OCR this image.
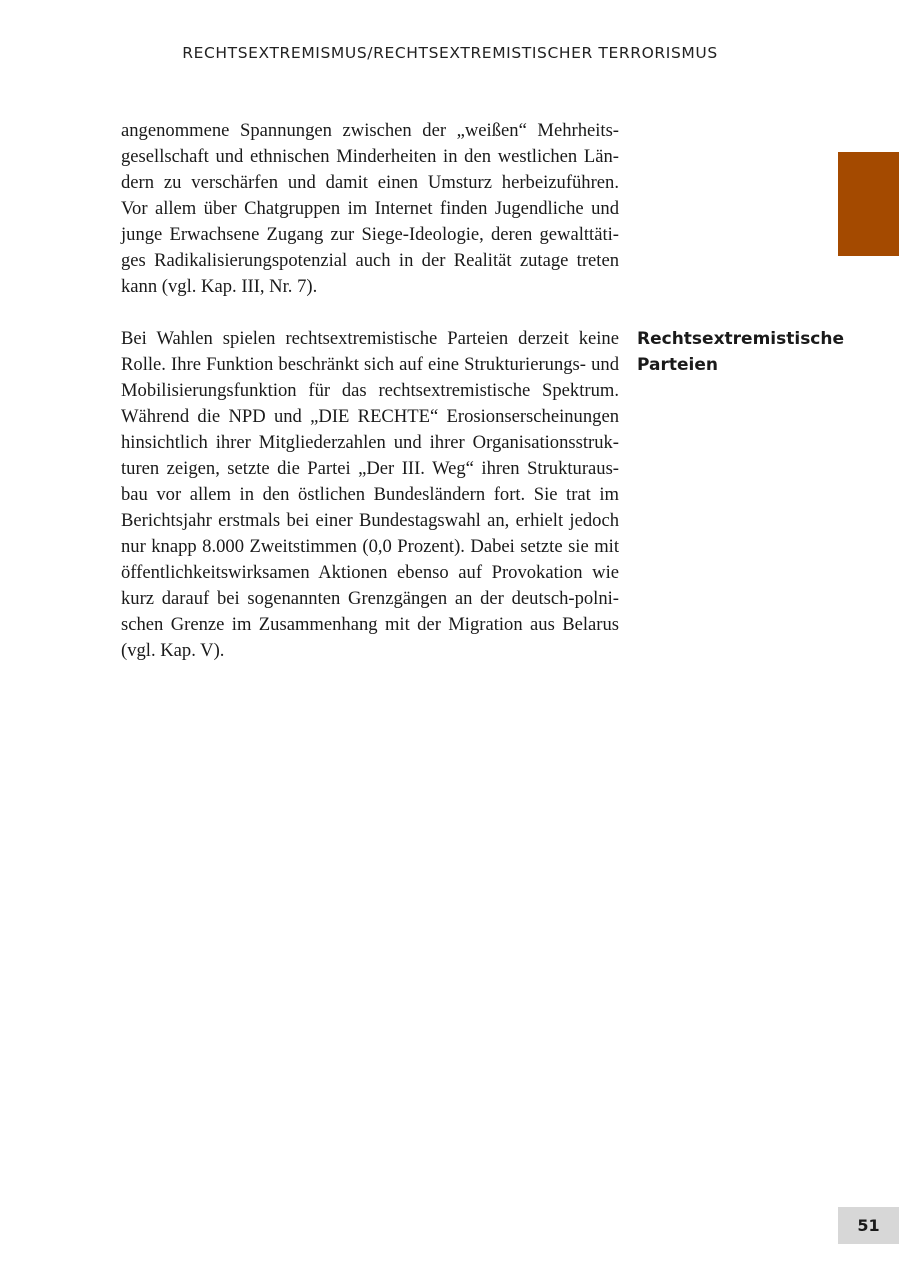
RECHTSEXTREMISMUS/RECHTSEXTREMISTISCHER TERRORISMUS

angenommene Spannungen zwischen der „weißen“ Mehrheits-
gesellschaft und ethnischen Minderheiten in den westlichen Län-
dern zu verschärfen und damit einen Umsturz herbeizuführen.
Vor allem über Chatgruppen im Internet finden Jugendliche und
junge Erwachsene Zugang zur Siege-Ideologie, deren gewalttäti-
ges Radikalisierungspotenzial auch in der Realität zutage treten
kann (vgl. Kap. III, Nr. 7).

Bei Wahlen spielen rechtsextremistische Parteien derzeit keine
Rolle. Ihre Funktion beschränkt sich auf eine Strukturierungs- und
Mobilisierungsfunktion für das rechtsextremistische Spektrum.
Während die NPD und „DIE RECHTE“ Erosionserscheinungen
hinsichtlich ihrer Mitgliederzahlen und ihrer Organisationsstruk-
turen zeigen, setzte die Partei „Der III. Weg“ ihren Strukturaus-
bau vor allem in den östlichen Bundesländern fort. Sie trat im
Berichtsjahr erstmals bei einer Bundestagswahl an, erhielt jedoch
nur knapp 8.000 Zweitstimmen (0,0 Prozent). Dabei setzte sie mit
öffentlichkeitswirksamen Aktionen ebenso auf Provokation wie
kurz darauf bei sogenannten Grenzgängen an der deutsch-polni-
schen Grenze im Zusammenhang mit der Migration aus Belarus
(vgl. Kap. V).

Rechtsextremistische
Parteien

51
